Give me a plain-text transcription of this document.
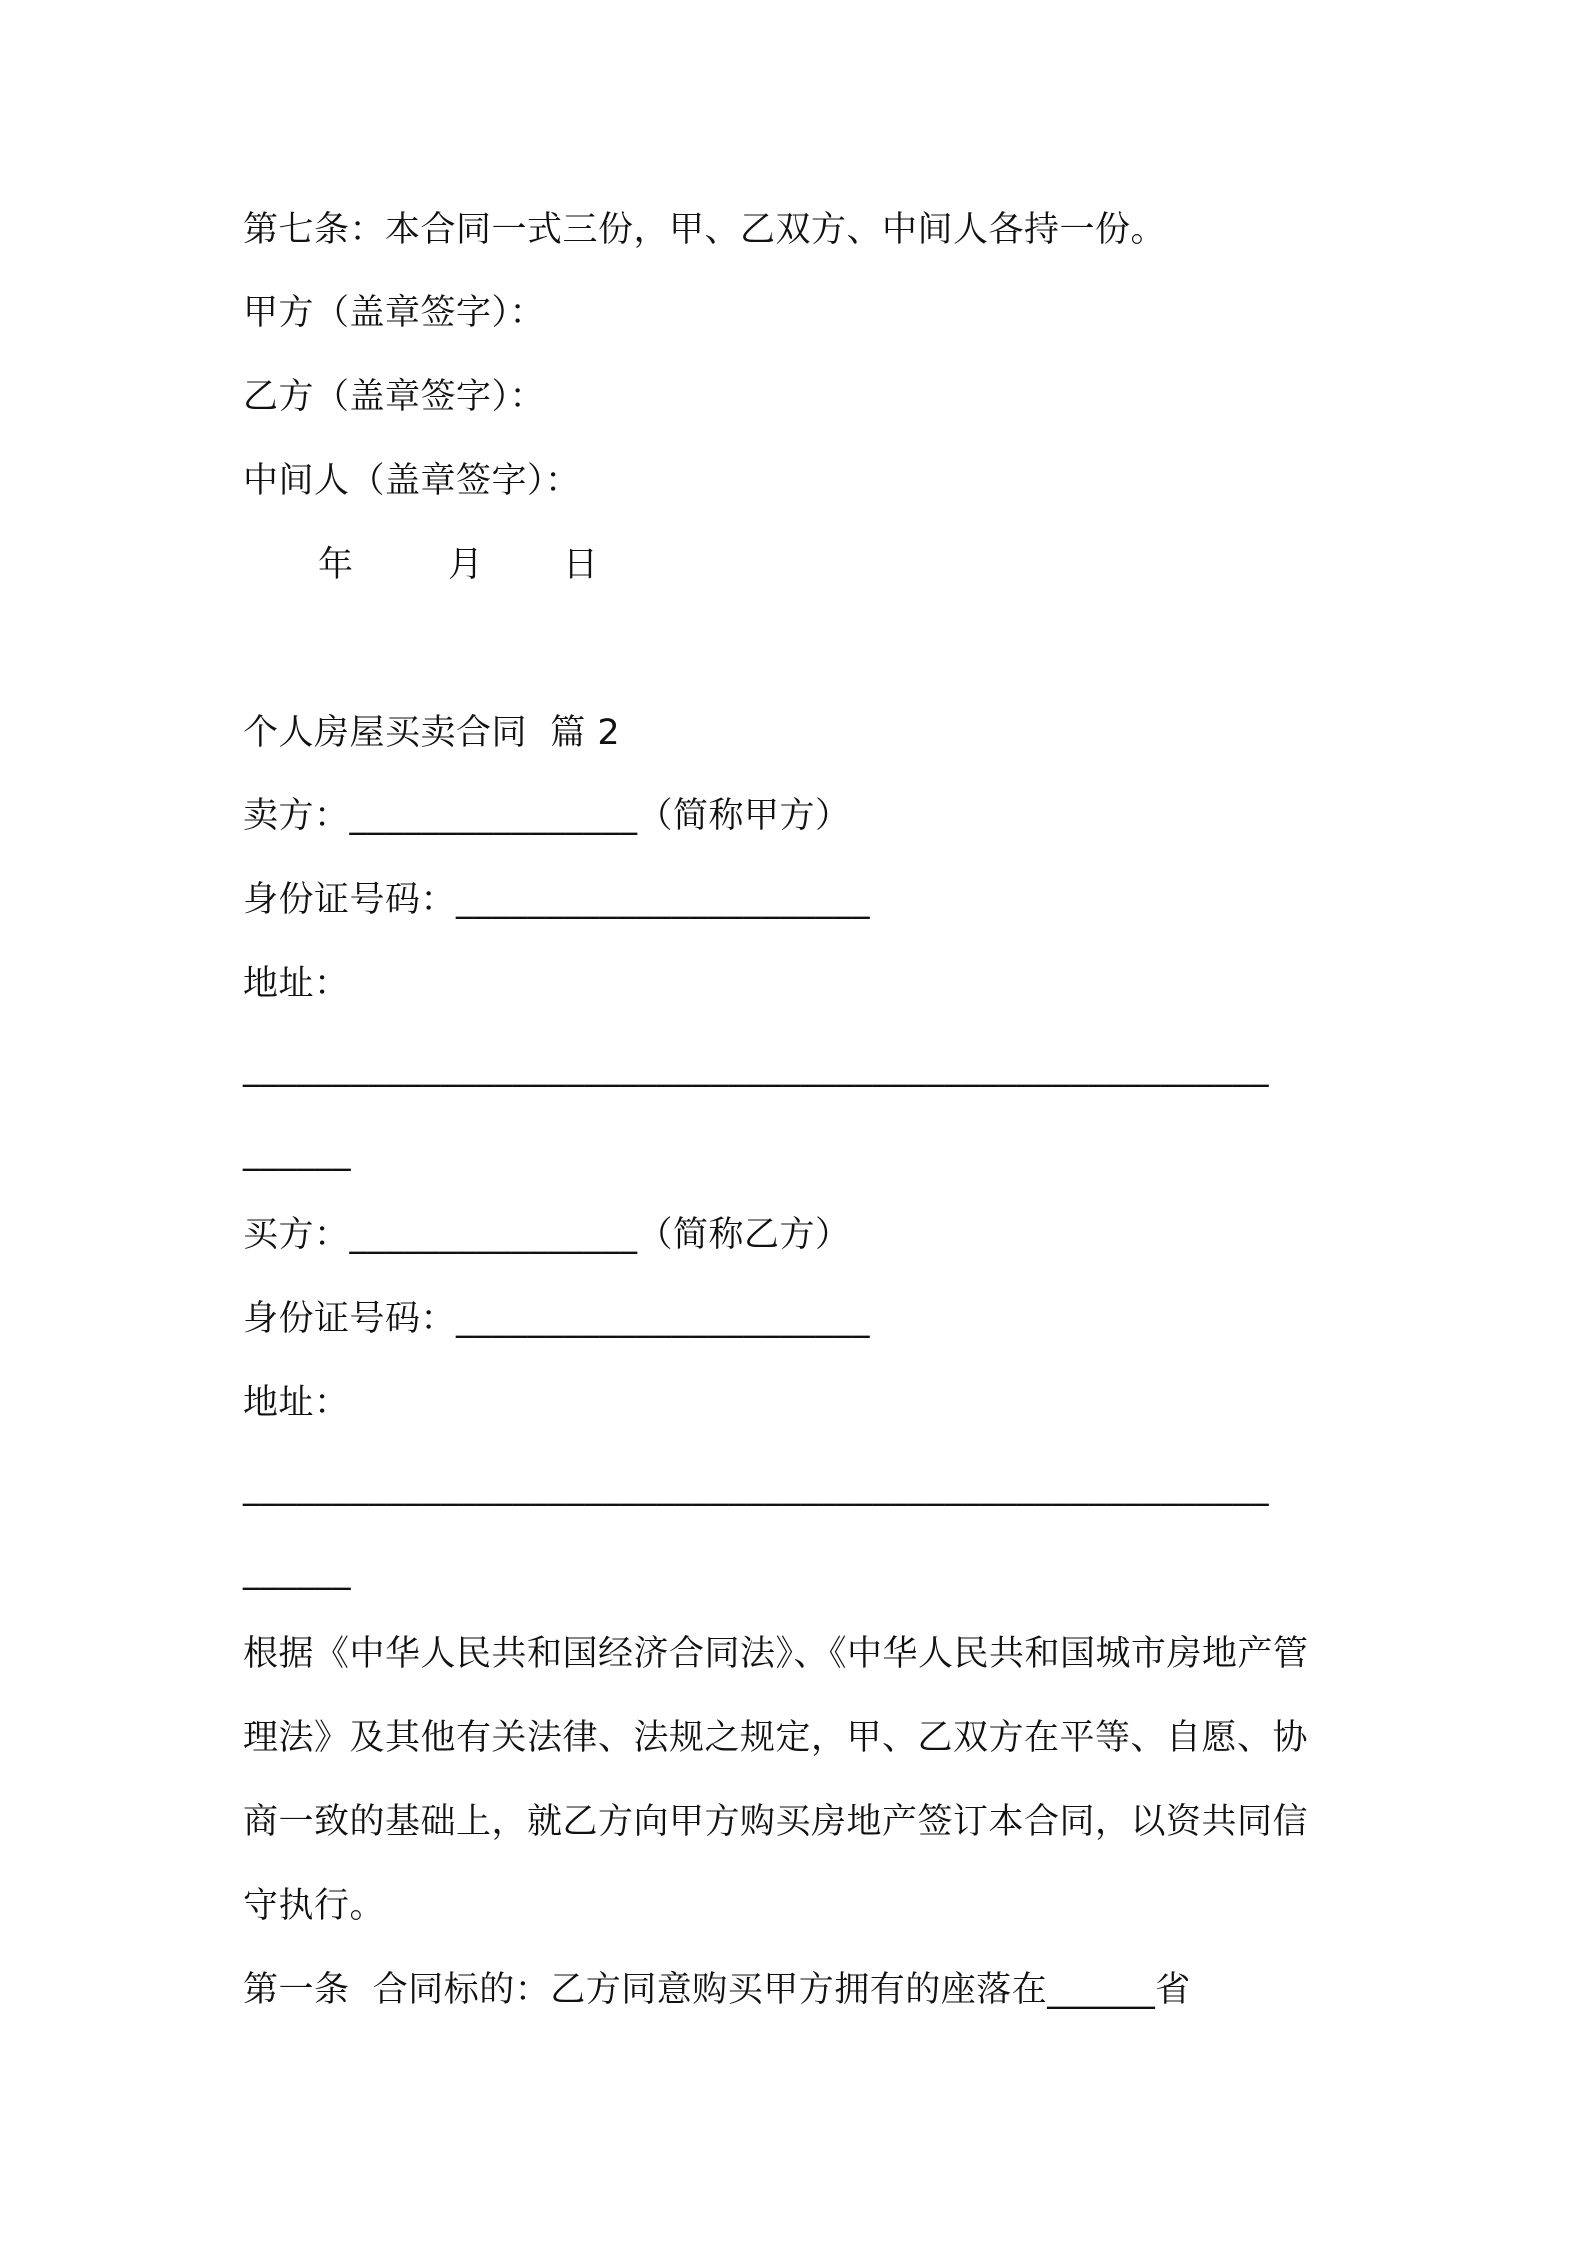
第七条：本合同一式三份，甲、乙双方、中间人各持一份。
甲方（盖章签字）：
乙方（盖章签字）：
中间人（盖章签字）：
年	月 日
个人房屋买卖合同  篇 2
卖方：________________（简称甲方）
身份证号码：_______________________
地址：
_________________________________________________________
______
买方：________________（简称乙方）
身份证号码：_______________________
地址：
_________________________________________________________
______
根据《中华人民共和国经济合同法》、《中华人民共和国城市房地产管
理法》及其他有关法律、法规之规定，甲、乙双方在平等、自愿、协
商一致的基础上，就乙方向甲方购买房地产签订本合同，以资共同信
守执行。
第一条  合同标的：乙方同意购买甲方拥有的座落在______省
